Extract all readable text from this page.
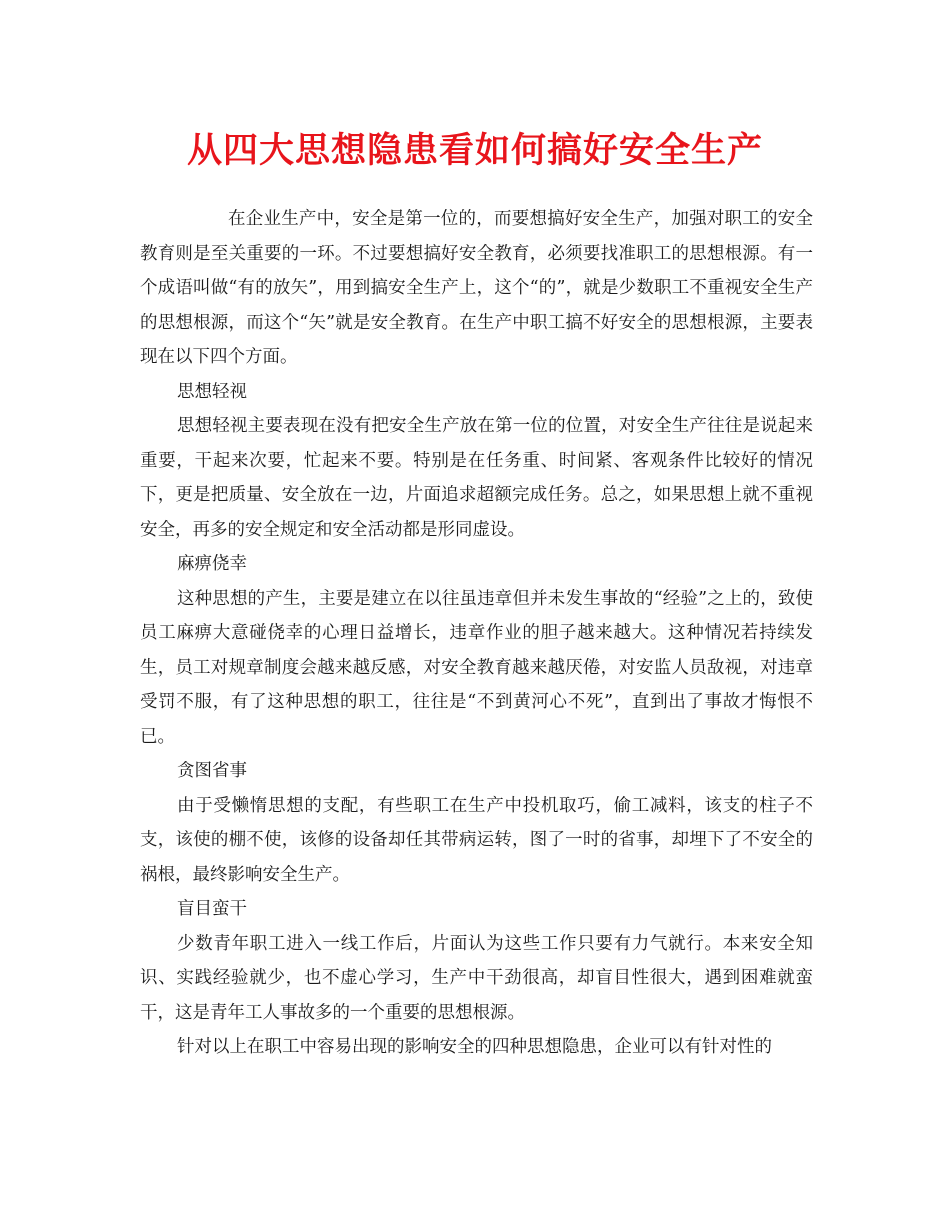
从四大思想隐患看如何搞好安全生产

在企业生产中，安全是第一位的，而要想搞好安全生产，加强对职工的安全教育则是至关重要的一环。不过要想搞好安全教育，必须要找准职工的思想根源。有一个成语叫做“有的放矢”，用到搞安全生产上，这个“的”，就是少数职工不重视安全生产的思想根源，而这个“矢”就是安全教育。在生产中职工搞不好安全的思想根源，主要表现在以下四个方面。

思想轻视

思想轻视主要表现在没有把安全生产放在第一位的位置，对安全生产往往是说起来重要，干起来次要，忙起来不要。特别是在任务重、时间紧、客观条件比较好的情况下，更是把质量、安全放在一边，片面追求超额完成任务。总之，如果思想上就不重视安全，再多的安全规定和安全活动都是形同虚设。

麻痹侥幸

这种思想的产生，主要是建立在以往虽违章但并未发生事故的“经验”之上的，致使员工麻痹大意碰侥幸的心理日益增长，违章作业的胆子越来越大。这种情况若持续发生，员工对规章制度会越来越反感，对安全教育越来越厌倦，对安监人员敌视，对违章受罚不服，有了这种思想的职工，往往是“不到黄河心不死”，直到出了事故才悔恨不已。

贪图省事

由于受懒惰思想的支配，有些职工在生产中投机取巧，偷工减料，该支的柱子不支，该使的棚不使，该修的设备却任其带病运转，图了一时的省事，却埋下了不安全的祸根，最终影响安全生产。

盲目蛮干

少数青年职工进入一线工作后，片面认为这些工作只要有力气就行。本来安全知识、实践经验就少，也不虚心学习，生产中干劲很高，却盲目性很大，遇到困难就蛮干，这是青年工人事故多的一个重要的思想根源。

针对以上在职工中容易出现的影响安全的四种思想隐患，企业可以有针对性的
